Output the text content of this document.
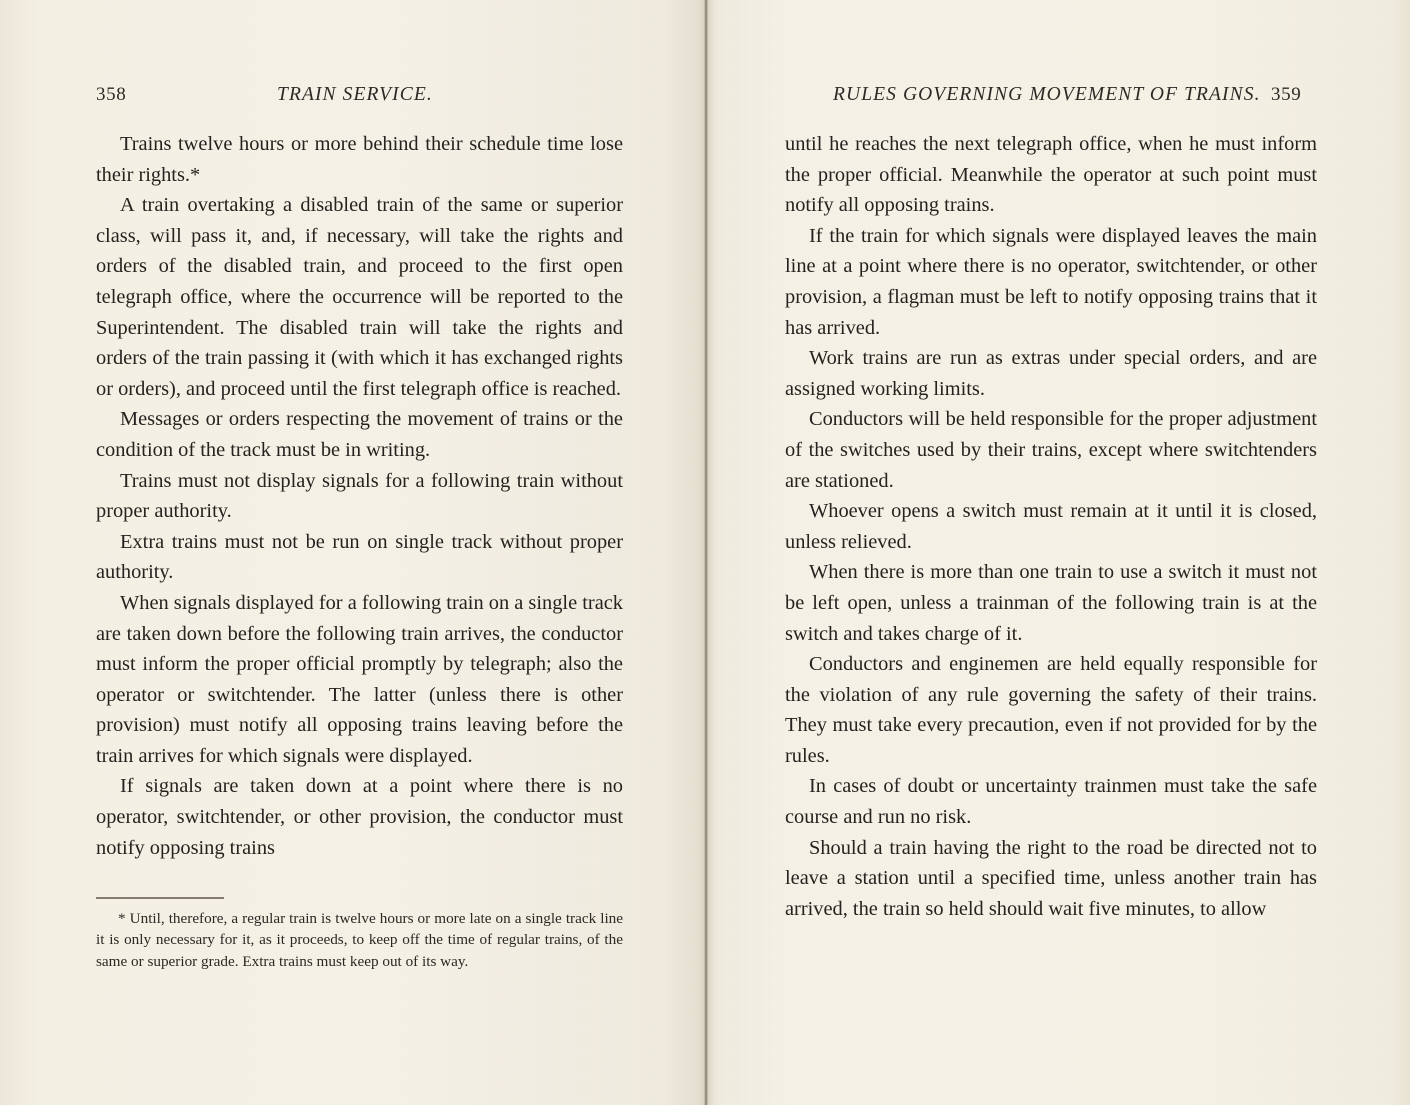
358	TRAIN SERVICE.

Trains twelve hours or more behind their schedule time lose their rights.*

A train overtaking a disabled train of the same or superior class, will pass it, and, if necessary, will take the rights and orders of the disabled train, and proceed to the first open telegraph office, where the occurrence will be reported to the Superintendent. The disabled train will take the rights and orders of the train passing it (with which it has exchanged rights or orders), and proceed until the first telegraph office is reached.

Messages or orders respecting the movement of trains or the condition of the track must be in writing.

Trains must not display signals for a following train without proper authority.

Extra trains must not be run on single track without proper authority.

When signals displayed for a following train on a single track are taken down before the following train arrives, the conductor must inform the proper official promptly by telegraph; also the operator or switchtender. The latter (unless there is other provision) must notify all opposing trains leaving before the train arrives for which signals were displayed.

If signals are taken down at a point where there is no operator, switchtender, or other provision, the conductor must notify opposing trains

* Until, therefore, a regular train is twelve hours or more late on a single track line it is only necessary for it, as it proceeds, to keep off the time of regular trains, of the same or superior grade. Extra trains must keep out of its way.
RULES GOVERNING MOVEMENT OF TRAINS. 359

until he reaches the next telegraph office, when he must inform the proper official. Meanwhile the operator at such point must notify all opposing trains.

If the train for which signals were displayed leaves the main line at a point where there is no operator, switchtender, or other provision, a flagman must be left to notify opposing trains that it has arrived.

Work trains are run as extras under special orders, and are assigned working limits.

Conductors will be held responsible for the proper adjustment of the switches used by their trains, except where switchtenders are stationed.

Whoever opens a switch must remain at it until it is closed, unless relieved.

When there is more than one train to use a switch it must not be left open, unless a trainman of the following train is at the switch and takes charge of it.

Conductors and enginemen are held equally responsible for the violation of any rule governing the safety of their trains. They must take every precaution, even if not provided for by the rules.

In cases of doubt or uncertainty trainmen must take the safe course and run no risk.

Should a train having the right to the road be directed not to leave a station until a specified time, unless another train has arrived, the train so held should wait five minutes, to allow
